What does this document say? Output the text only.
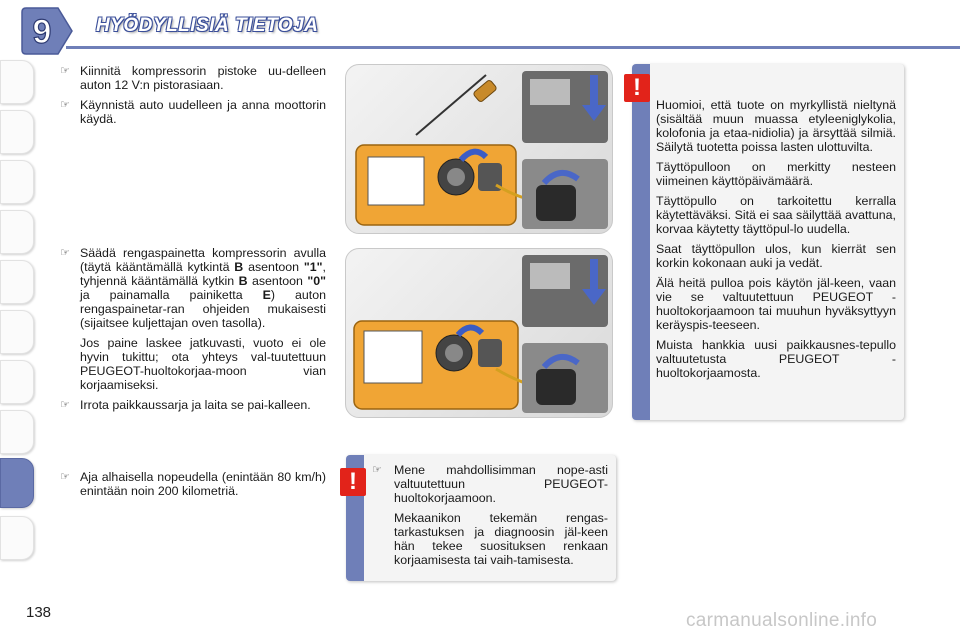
9 HYÖDYLLISIÄ TIETOJA
☞ Kiinnitä kompressorin pistoke uu-delleen auton 12 V:n pistorasiaan.
☞ Käynnistä auto uudelleen ja anna moottorin käydä.
☞ Säädä rengaspainetta kompressorin avulla (täytä kääntämällä kytkintä B asentoon "1", tyhjennä kääntämällä kytkin B asentoon "0" ja painamalla painiketta E) auton rengaspainetar-ran ohjeiden mukaisesti (sijaitsee kuljettajan oven tasolla).
Jos paine laskee jatkuvasti, vuoto ei ole hyvin tukittu; ota yhteys val-tuutettuun PEUGEOT-huoltokorjaa-moon vian korjaamiseksi.
☞ Irrota paikkaussarja ja laita se pai-kalleen.
☞ Aja alhaisella nopeudella (enintään 80 km/h) enintään noin 200 kilometriä.
!

Huomioi, että tuote on myrkyllistä nieltynä (sisältää muun muassa etyleeniglykolia, kolofonia ja etaa-nidiolia) ja ärsyttää silmiä. Säilytä tuotetta poissa lasten ulottuvilta.

Täyttöpulloon on merkitty nesteen viimeinen käyttöpäivämäärä.

Täyttöpullo on tarkoitettu kerralla käytettäväksi. Sitä ei saa säilyttää avattuna, korvaa käytetty täyttöpul-lo uudella.

Saat täyttöpullon ulos, kun kierrät sen korkin kokonaan auki ja vedät.

Älä heitä pulloa pois käytön jäl-keen, vaan vie se valtuutettuun PEUGEOT -huoltokorjaamoon tai muuhun hyväksyttyyn keräyspis-teeseen.

Muista hankkia uusi paikkausnes-tepullo valtuutetusta PEUGEOT -huoltokorjaamosta.

!	☞ Mene mahdollisimman nope-asti valtuutettuun PEUGEOT-huoltokorjaamoon.
Mekaanikon tekemän rengas-tarkastuksen ja diagnoosin jäl-keen hän tekee suosituksen renkaan korjaamisesta tai vaih-tamisesta.
138	carmanualsonline.info
